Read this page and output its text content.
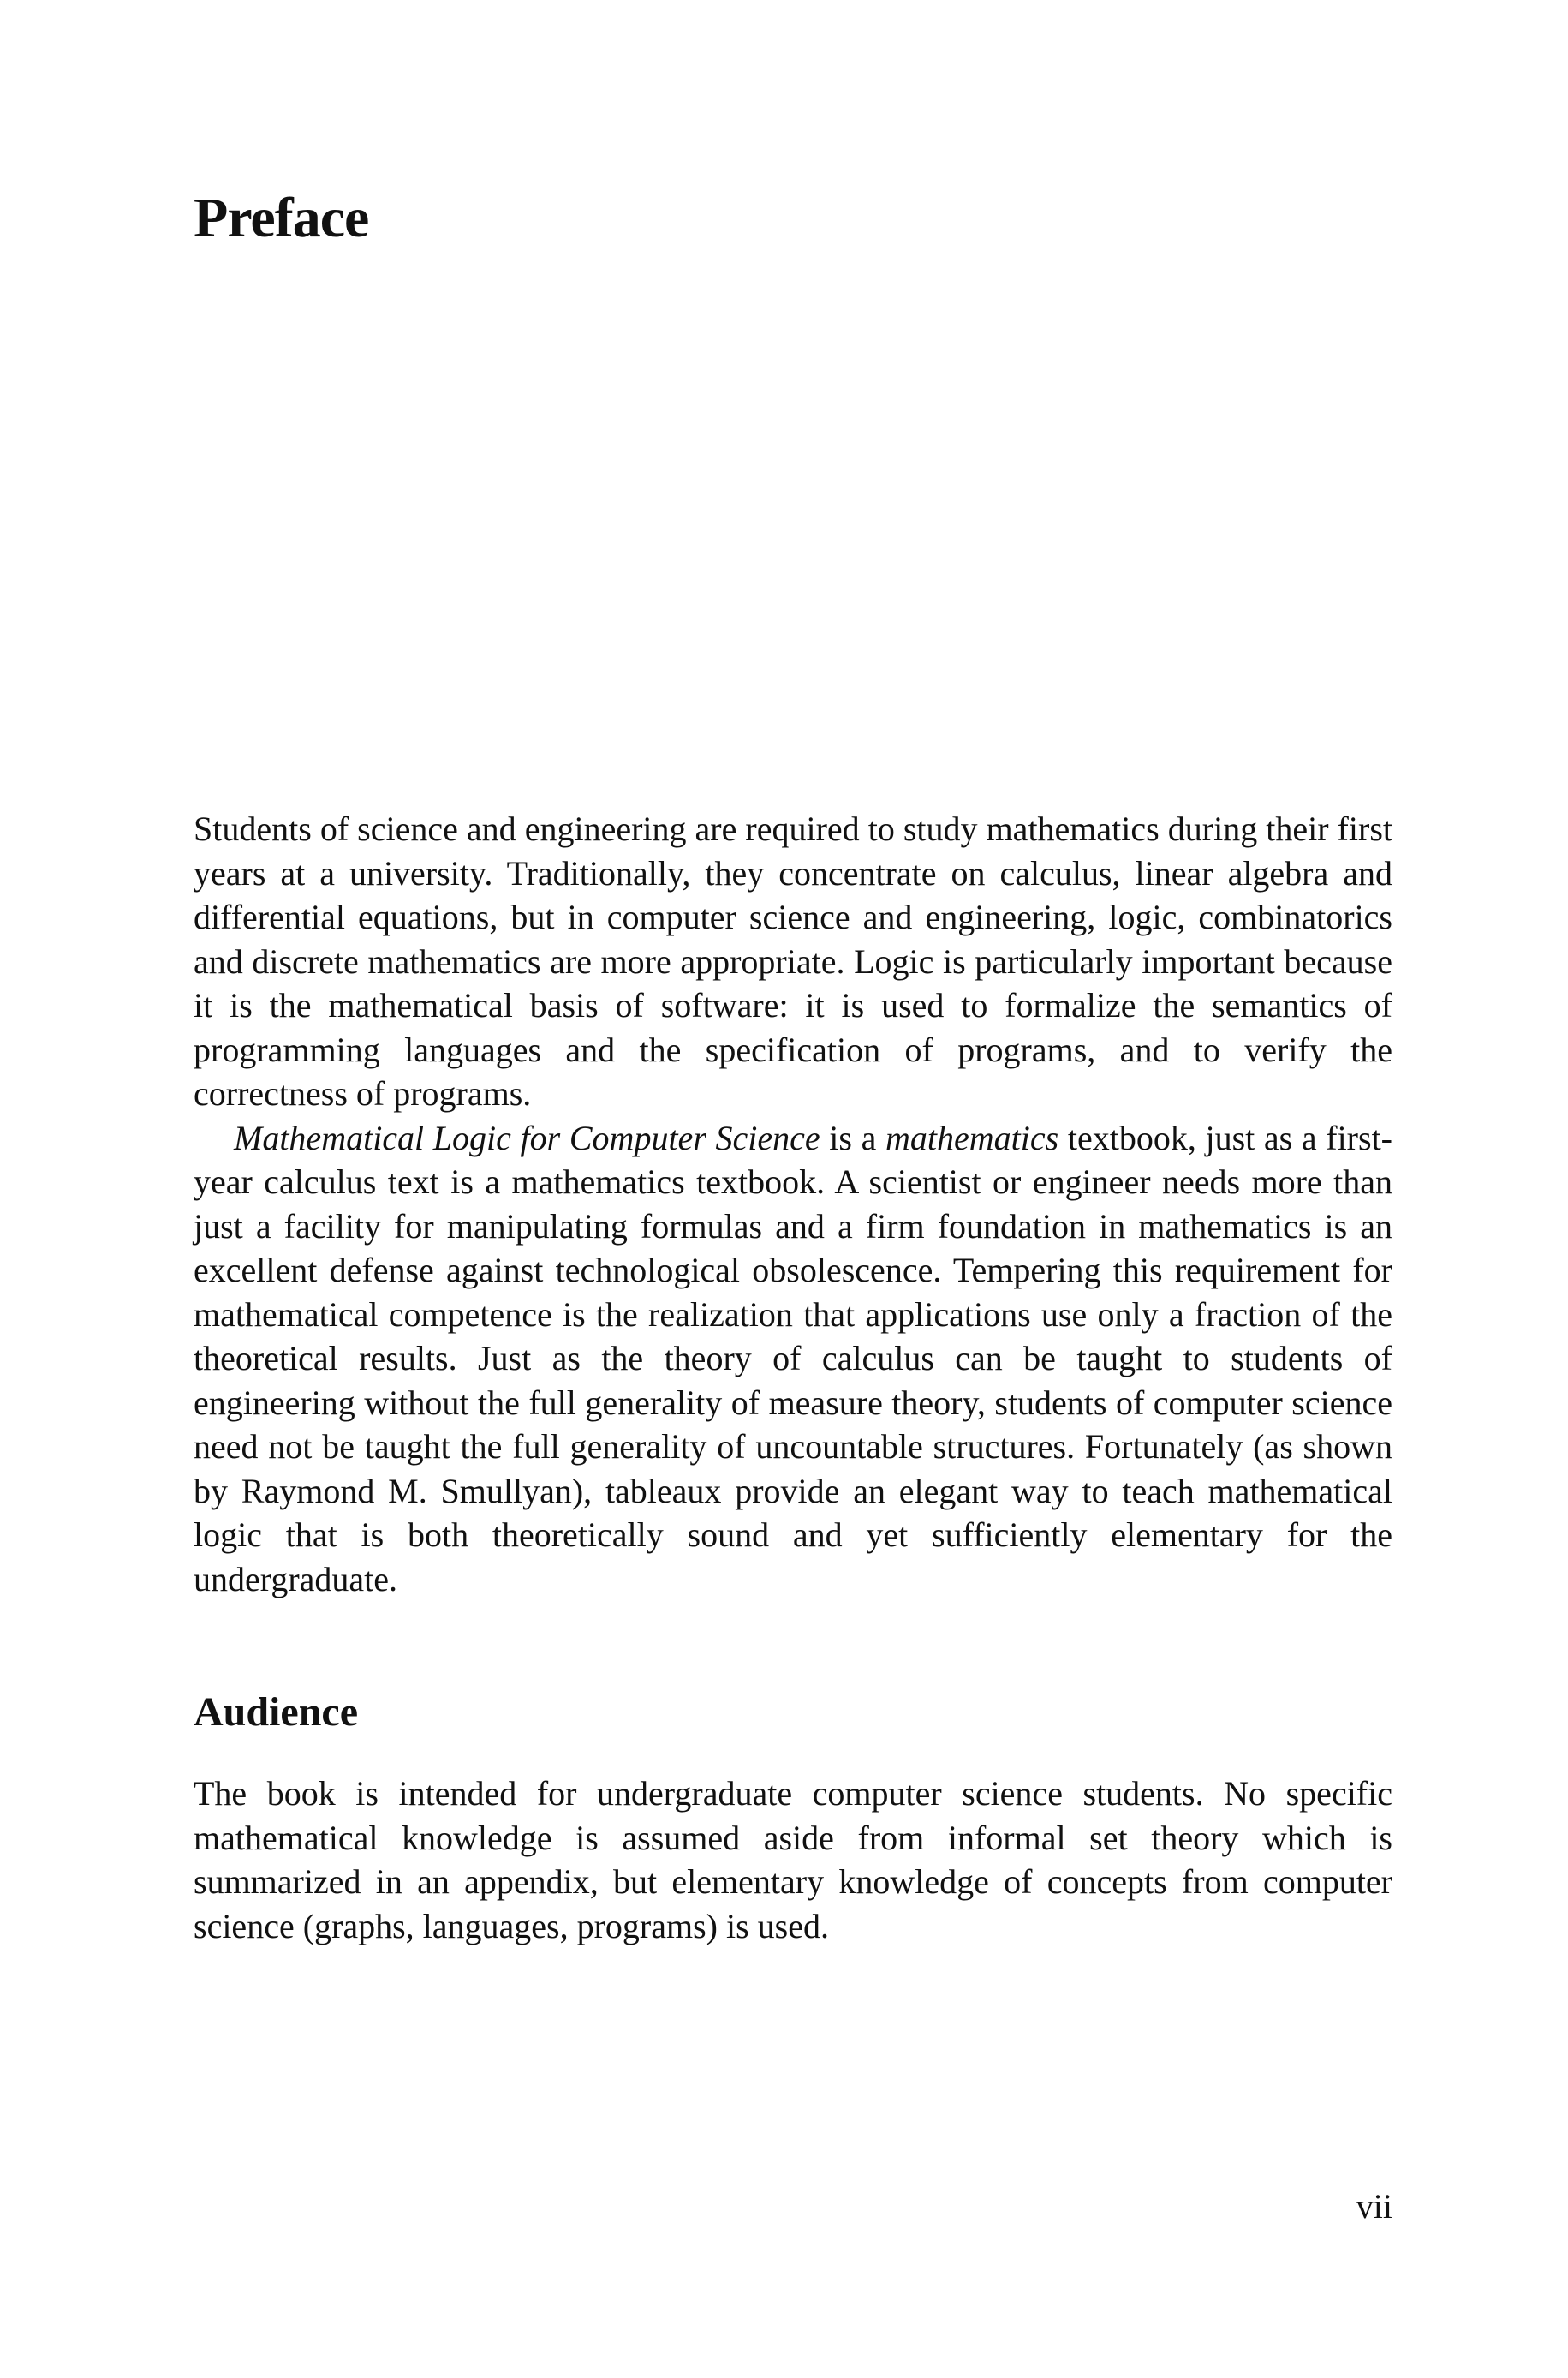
Preface

Students of science and engineering are required to study mathematics during their first years at a university. Traditionally, they concentrate on calculus, linear algebra and differential equations, but in computer science and engineering, logic, combinatorics and discrete mathematics are more appropriate. Logic is particularly important because it is the mathematical basis of software: it is used to formalize the semantics of programming languages and the specification of programs, and to verify the correctness of programs.

Mathematical Logic for Computer Science is a mathematics textbook, just as a first-year calculus text is a mathematics textbook. A scientist or engineer needs more than just a facility for manipulating formulas and a firm foundation in mathematics is an excellent defense against technological obsolescence. Tempering this requirement for mathematical competence is the realization that applications use only a fraction of the theoretical results. Just as the theory of calculus can be taught to students of engineering without the full generality of measure theory, students of computer science need not be taught the full generality of uncountable structures. Fortunately (as shown by Raymond M. Smullyan), tableaux provide an elegant way to teach mathematical logic that is both theoretically sound and yet sufficiently elementary for the undergraduate.

Audience

The book is intended for undergraduate computer science students. No specific mathematical knowledge is assumed aside from informal set theory which is summarized in an appendix, but elementary knowledge of concepts from computer science (graphs, languages, programs) is used.

vii
